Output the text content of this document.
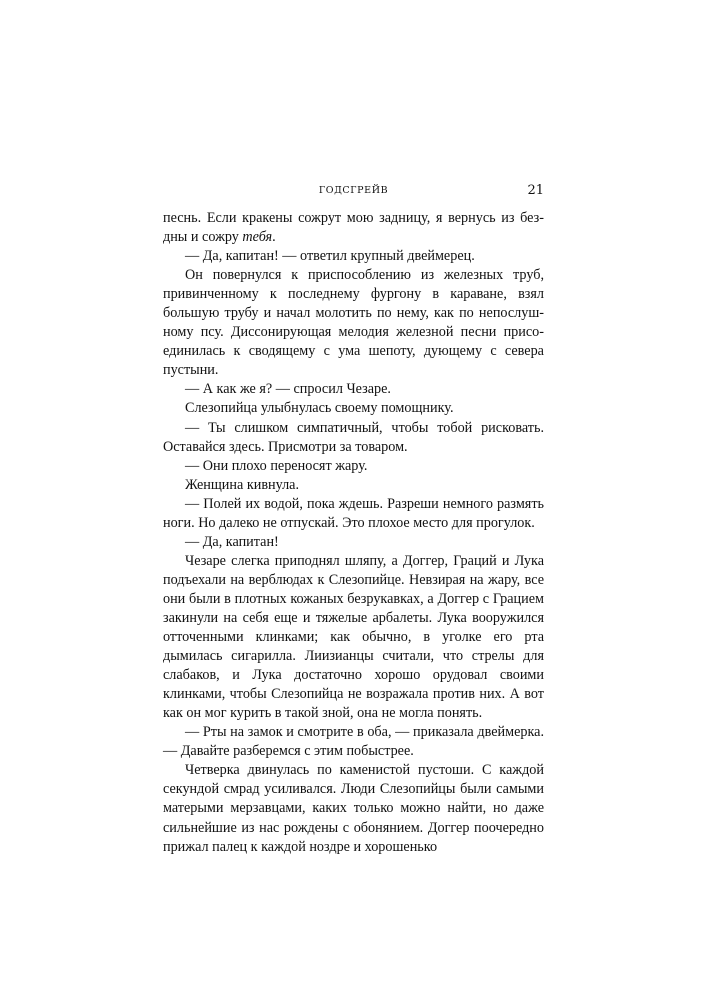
ГОДСГРЕЙВ	21

песнь. Если кракены сожрут мою задницу, я вернусь из бездны и сожру тебя.

— Да, капитан! — ответил крупный двеймерец.

Он повернулся к приспособлению из железных труб, привинченному к последнему фургону в караване, взял большую трубу и начал молотить по нему, как по непослушному псу. Диссонирующая мелодия железной песни присоединилась к сводящему с ума шепоту, дующему с севера пустыни.

— А как же я? — спросил Чезаре.

Слезопийца улыбнулась своему помощнику.

— Ты слишком симпатичный, чтобы тобой рисковать. Оставайся здесь. Присмотри за товаром.

— Они плохо переносят жару.

Женщина кивнула.

— Полей их водой, пока ждешь. Разреши немного размять ноги. Но далеко не отпускай. Это плохое место для прогулок.

— Да, капитан!

Чезаре слегка приподнял шляпу, а Доггер, Граций и Лука подъехали на верблюдах к Слезопийце. Невзирая на жару, все они были в плотных кожаных безрукавках, а Доггер с Грацием закинули на себя еще и тяжелые арбалеты. Лука вооружился отточенными клинками; как обычно, в уголке его рта дымилась сигарилла. Лиизианцы считали, что стрелы для слабаков, и Лука достаточно хорошо орудовал своими клинками, чтобы Слезопийца не возражала против них. А вот как он мог курить в такой зной, она не могла понять.

— Рты на замок и смотрите в оба, — приказала двеймерка. — Давайте разберемся с этим побыстрее.

Четверка двинулась по каменистой пустоши. С каждой секундой смрад усиливался. Люди Слезопийцы были самыми матерыми мерзавцами, каких только можно найти, но даже сильнейшие из нас рождены с обонянием. Доггер поочередно прижал палец к каждой ноздре и хорошенько
